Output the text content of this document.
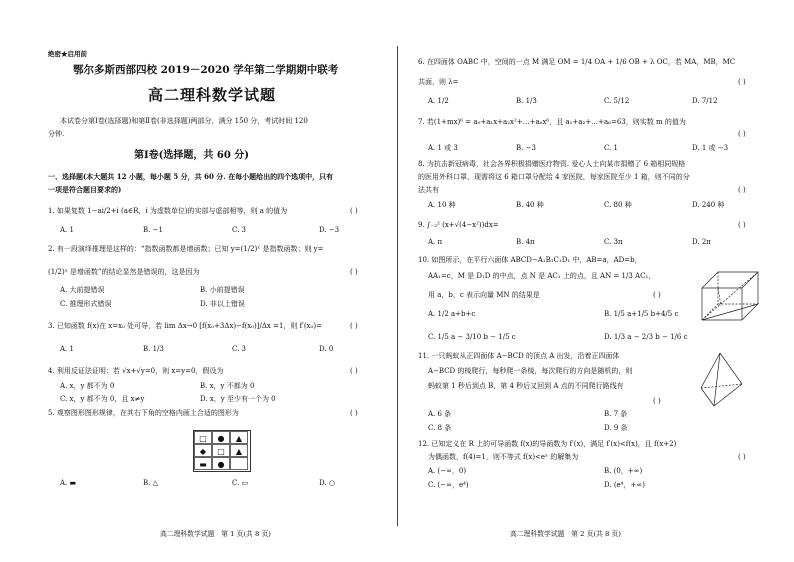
绝密★启用前
鄂尔多斯西部四校 2019－2020 学年第二学期期中联考
高二理科数学试题
本试卷分第Ⅰ卷(选择题)和第Ⅱ卷(非选择题)两部分，满分 150 分，考试时间 120
分钟.
第Ⅰ卷(选择题，共 60 分)
一、选择题(本大题共 12 小题，每小题 5 分，共 60 分. 在每小题给出的四个选项中，只有
一项是符合题目要求的)
1. 如果复数 1−ai/2+i (a∈R，i 为虚数单位)的实部与虚部相等，则 a 的值为	( )
A. 1	B. −1	C. 3	D. −3
2. 有一段演绎推理是这样的：“指数函数都是增函数；已知 y=(1/2)ˣ 是指数函数；则 y=
(1/2)ˣ 是增函数”的结论显然是错误的，这是因为	( )
A. 大前提错误	B. 小前提错误
C. 推理形式错误	D. 非以上错误
3. 已知函数 f(x)在 x=x₀ 处可导，若 lim Δx→0 [f(x₀+3Δx)−f(x₀)]/Δx =1，则 f′(x₀)=	( )
A. 1	B. 1/3	C. 3	D. 0
4. 利用反证法证明：若 √x+√y=0，则 x=y=0，假设为	( )
A. x，y 都不为 0	B. x，y 不都为 0
C. x，y 都不为 0，且 x≠y	D. x，y 至少有一个为 0
5. 观察图形图形规律，在其右下角的空格内画上合适的图形为	( )
□	●	▲
◆	□	▲
▬	●
A. ▬	B. △	C. ▭	D. ○
高二理科数学试题　第 1 页(共 8 页)
6. 在四面体 OABC 中，空间的一点 M 满足 OM = 1/4 OA + 1/6 OB + λ OC，若 MA，MB，MC
共面，则 λ=	( )
A. 1/2	B. 1/3	C. 5/12	D. 7/12
7. 若(1+mx)⁶ = a₀+a₁x+a₂x²+…+a₆x⁶，且 a₁+a₂+…+a₆=63，则实数 m 的值为
( )
A. 1 或 3	B. −3	C. 1	D. 1 或 −3
8. 为抗击新冠病毒，社会各界积极捐赠医疗物资. 爱心人士向某市捐赠了 6 箱相同规格
的医用外科口罩，现需将这 6 箱口罩分配给 4 家医院，每家医院至少 1 箱，则不同的分
法共有	( )
A. 10 种	B. 40 种	C. 80 种	D. 240 种
9. ∫₋₂² (x+√(4−x²))dx=	( )
A. π	B. 4π	C. 3π	D. 2π
10. 如图所示，在平行六面体 ABCD−A₁B₁C₁D₁ 中，AB=a，AD=b，
AA₁=c，M 是 D₁D 的中点，点 N 是 AC₁ 上的点，且 AN = 1/3 AC₁，
用 a，b，c 表示向量 MN 的结果是	( )
A. 1/2 a+b+c	B. 1/5 a+1/5 b+4/5 c
C. 1/5 a − 3/10 b − 1/5 c	D. 1/3 a − 2/3 b − 1/6 c
11. 一只蚂蚁从正四面体 A−BCD 的顶点 A 出发，沿着正四面体
A−BCD 的棱爬行，每秒爬一条棱，每次爬行的方向是随机的，则
蚂蚁第 1 秒后到点 B，第 4 秒后又回到 A 点的不同爬行路线有
( )
A. 6 条	B. 7 条
C. 8 条	D. 9 条
12. 已知定义在 R 上的可导函数 f(x)的导函数为 f′(x)，满足 f′(x)<f(x)，且 f(x+2)
为偶函数，f(4)=1，则不等式 f(x)<eˣ 的解集为	( )
A. (−∞，0)	B. (0，+∞)
C. (−∞，e⁴)	D. (e⁴，+∞)
高二理科数学试题　第 2 页(共 8 页)
